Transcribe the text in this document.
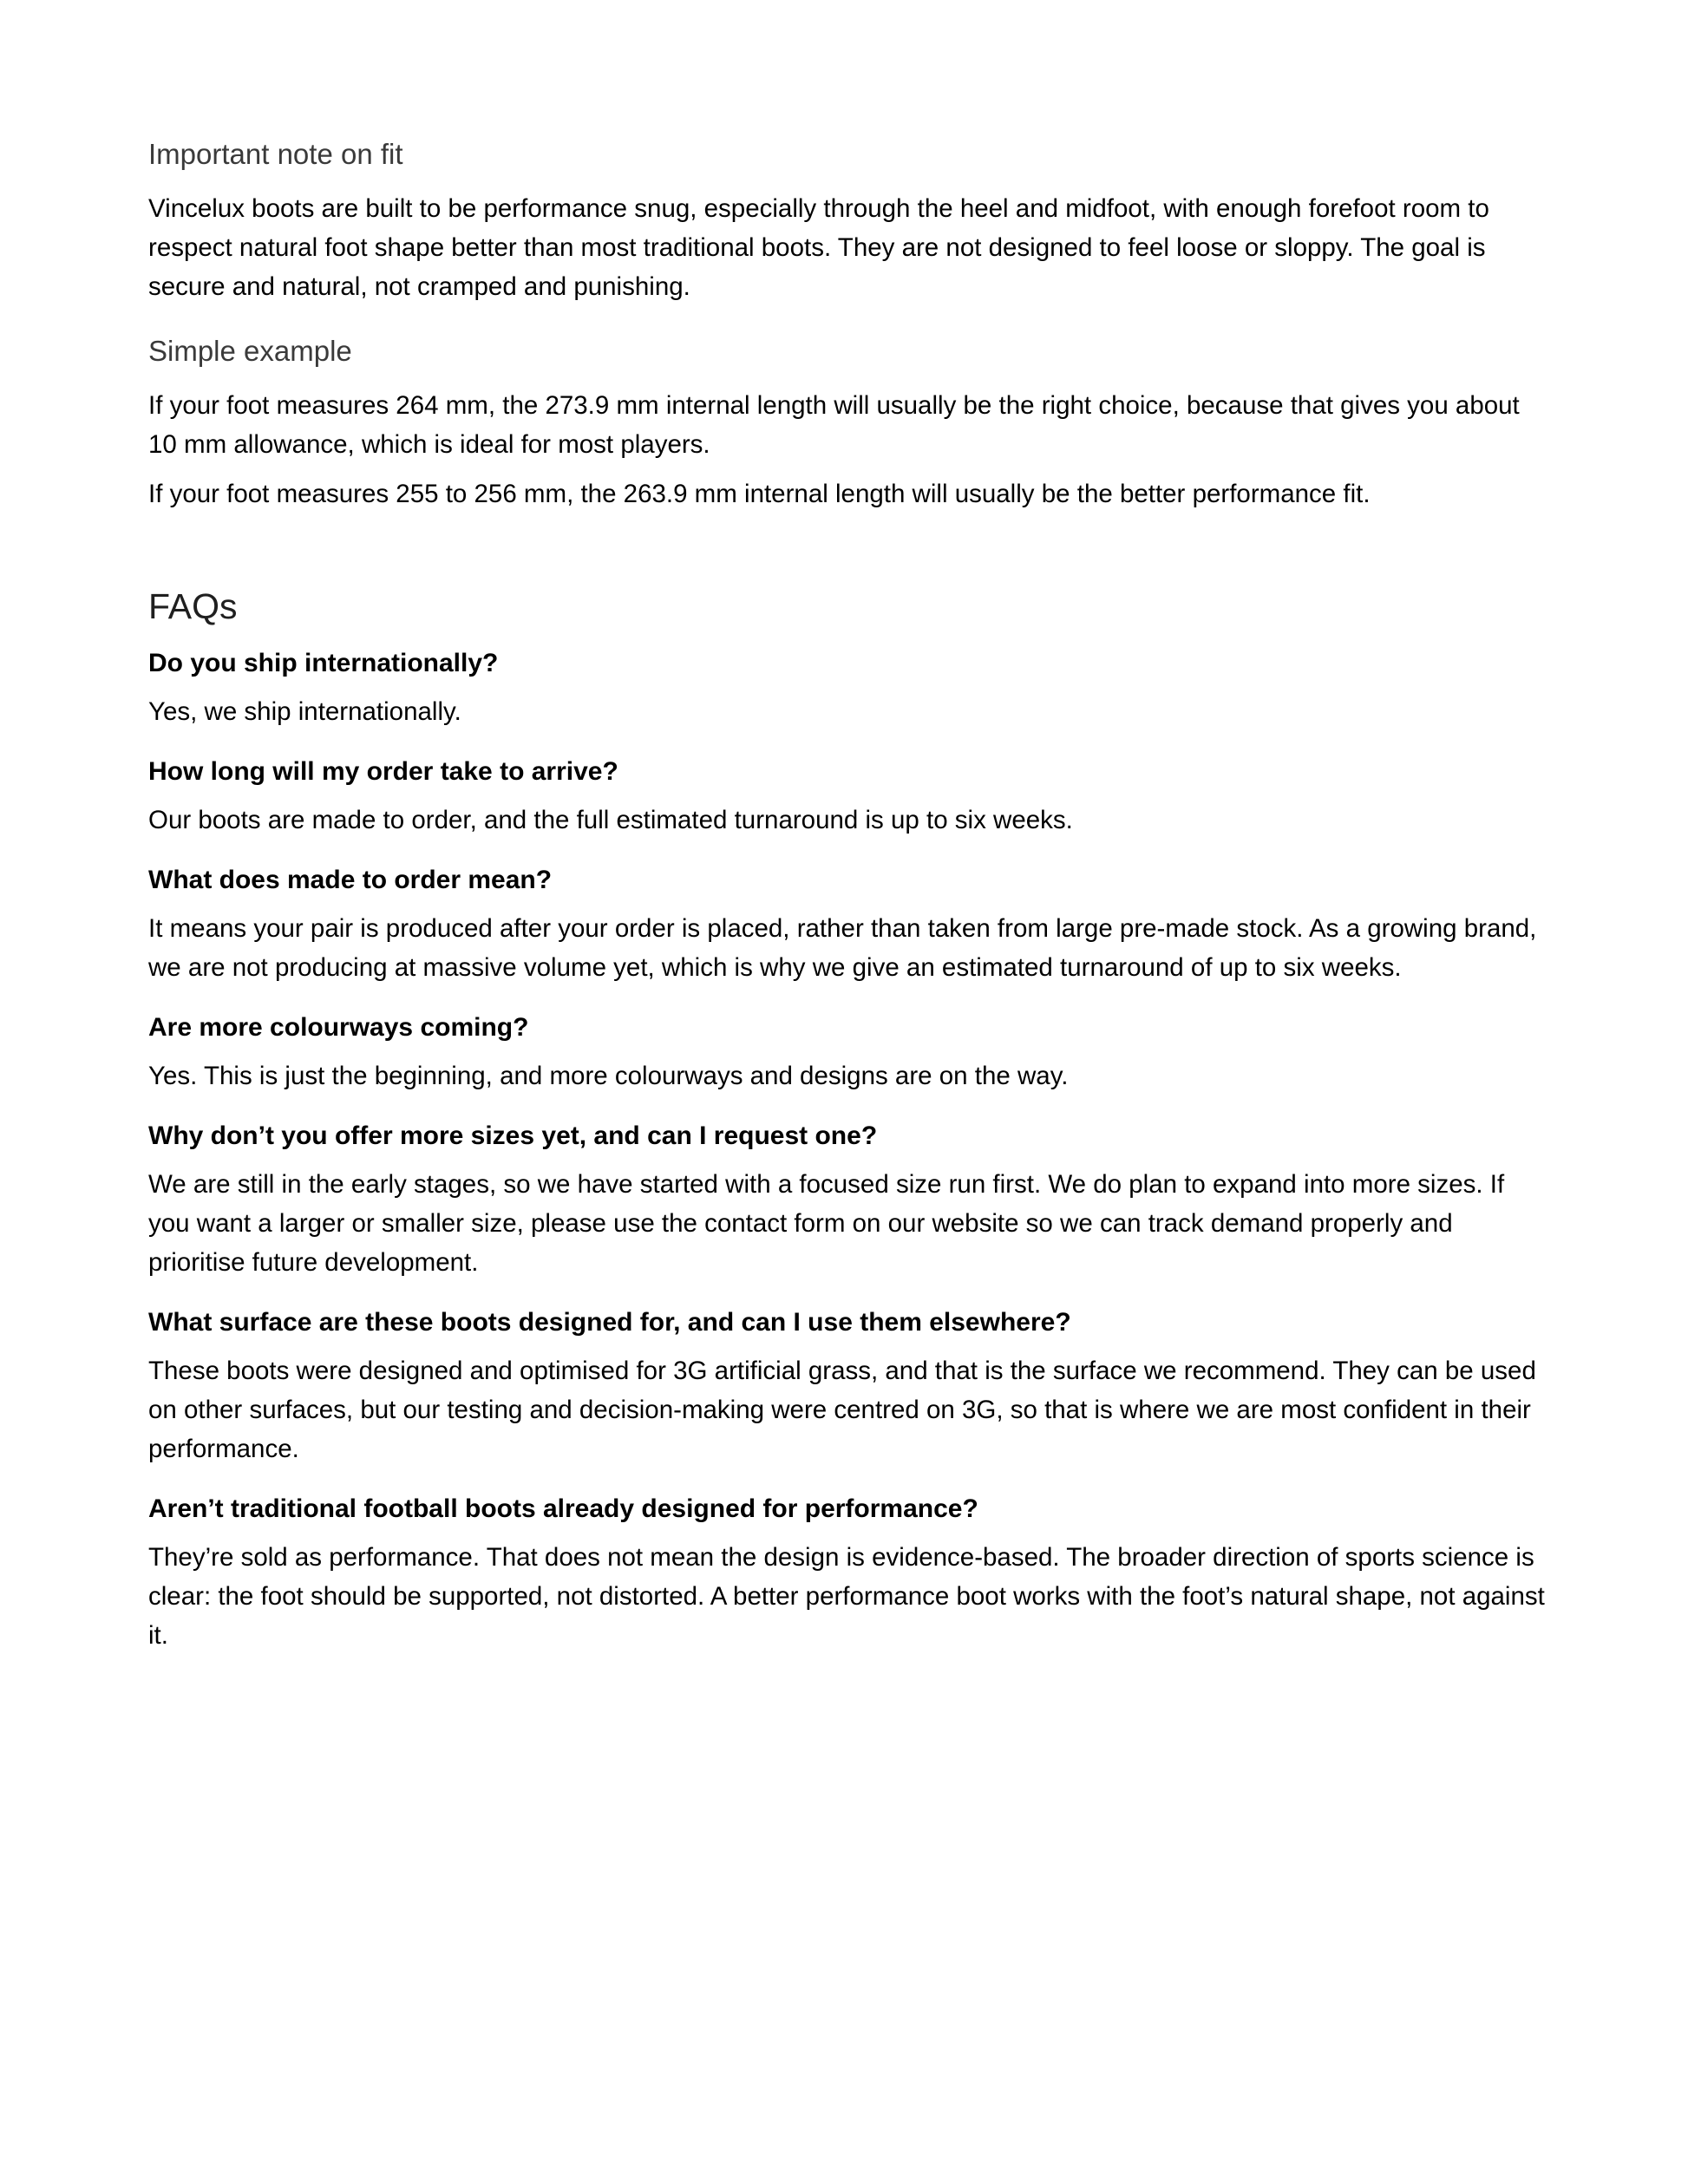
Important note on fit

Vincelux boots are built to be performance snug, especially through the heel and midfoot, with enough forefoot room to respect natural foot shape better than most traditional boots. They are not designed to feel loose or sloppy. The goal is secure and natural, not cramped and punishing.

Simple example

If your foot measures 264 mm, the 273.9 mm internal length will usually be the right choice, because that gives you about 10 mm allowance, which is ideal for most players.

If your foot measures 255 to 256 mm, the 263.9 mm internal length will usually be the better performance fit.

FAQs
Do you ship internationally?
Yes, we ship internationally.
How long will my order take to arrive?
Our boots are made to order, and the full estimated turnaround is up to six weeks.
What does made to order mean?
It means your pair is produced after your order is placed, rather than taken from large pre-made stock. As a growing brand, we are not producing at massive volume yet, which is why we give an estimated turnaround of up to six weeks.
Are more colourways coming?
Yes. This is just the beginning, and more colourways and designs are on the way.
Why don’t you offer more sizes yet, and can I request one?
We are still in the early stages, so we have started with a focused size run first. We do plan to expand into more sizes. If you want a larger or smaller size, please use the contact form on our website so we can track demand properly and prioritise future development.
What surface are these boots designed for, and can I use them elsewhere?
These boots were designed and optimised for 3G artificial grass, and that is the surface we recommend. They can be used on other surfaces, but our testing and decision-making were centred on 3G, so that is where we are most confident in their performance.
Aren’t traditional football boots already designed for performance?
They’re sold as performance. That does not mean the design is evidence-based. The broader direction of sports science is clear: the foot should be supported, not distorted. A better performance boot works with the foot’s natural shape, not against it.
